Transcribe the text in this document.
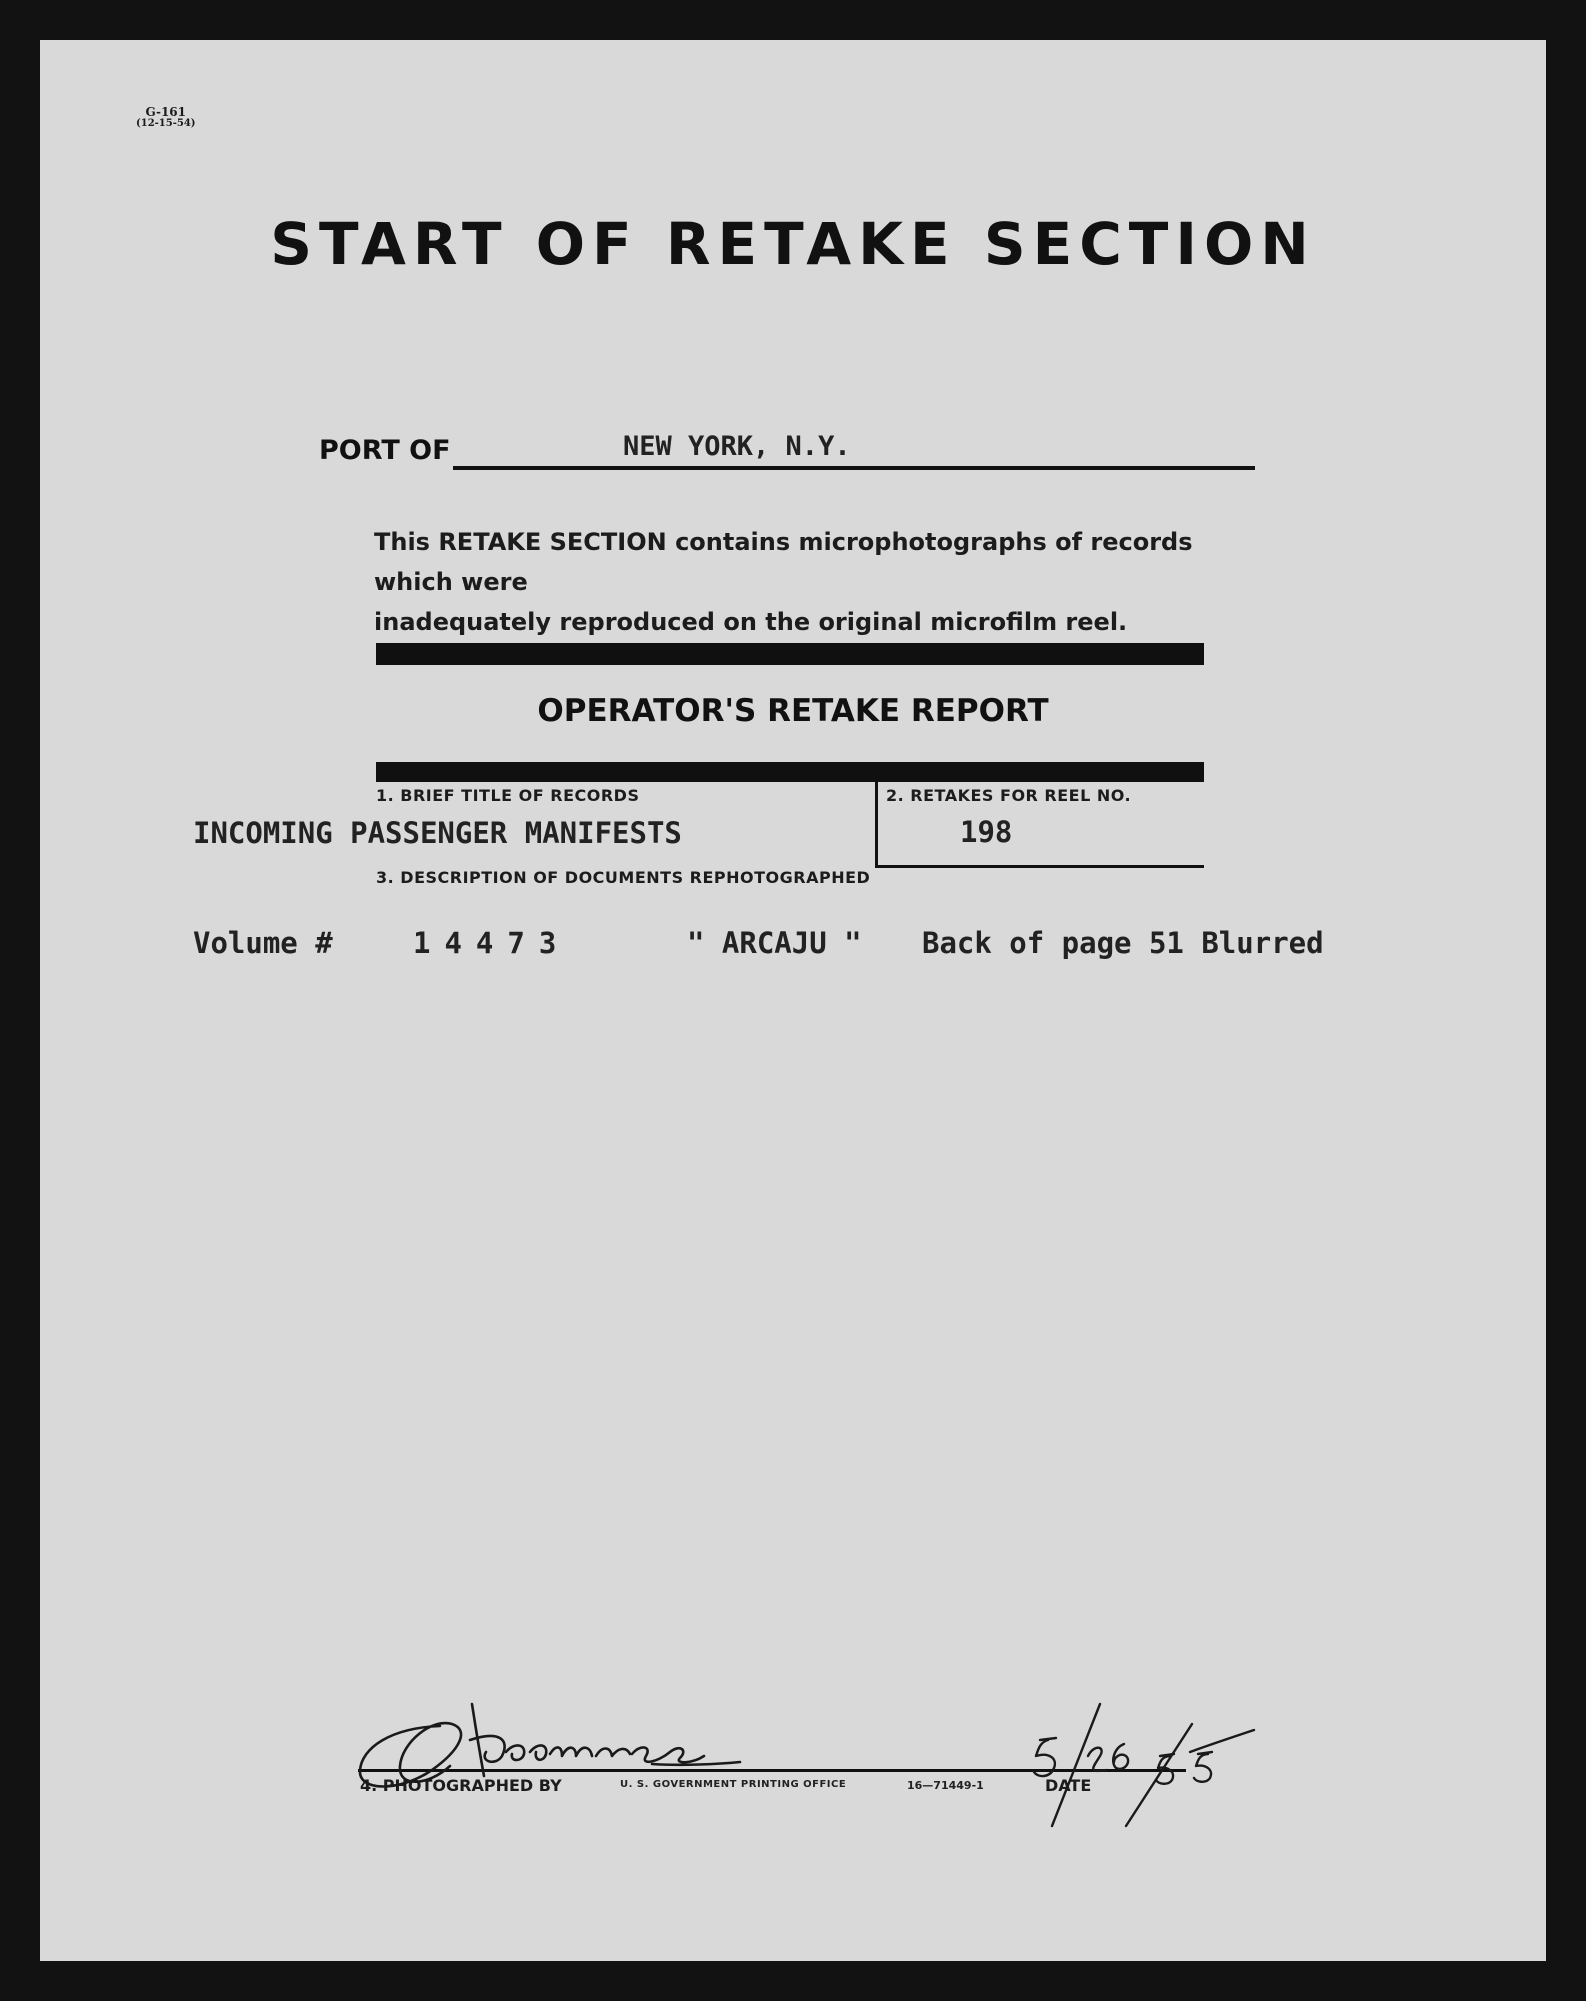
G-161
(12-15-54)
START OF RETAKE SECTION
PORT OF	NEW YORK, N.Y.
This RETAKE SECTION contains microphotographs of records which were
inadequately reproduced on the original microfilm reel.
OPERATOR'S RETAKE REPORT
1. BRIEF TITLE OF RECORDS	2. RETAKES FOR REEL NO.
3. DESCRIPTION OF DOCUMENTS REPHOTOGRAPHED
INCOMING PASSENGER MANIFESTS	198
Volume #	14473	" ARCAJU " Back of page 51 Blurred
4. PHOTOGRAPHED BY	U. S. GOVERNMENT PRINTING OFFICE	16—71449-1	DATE
